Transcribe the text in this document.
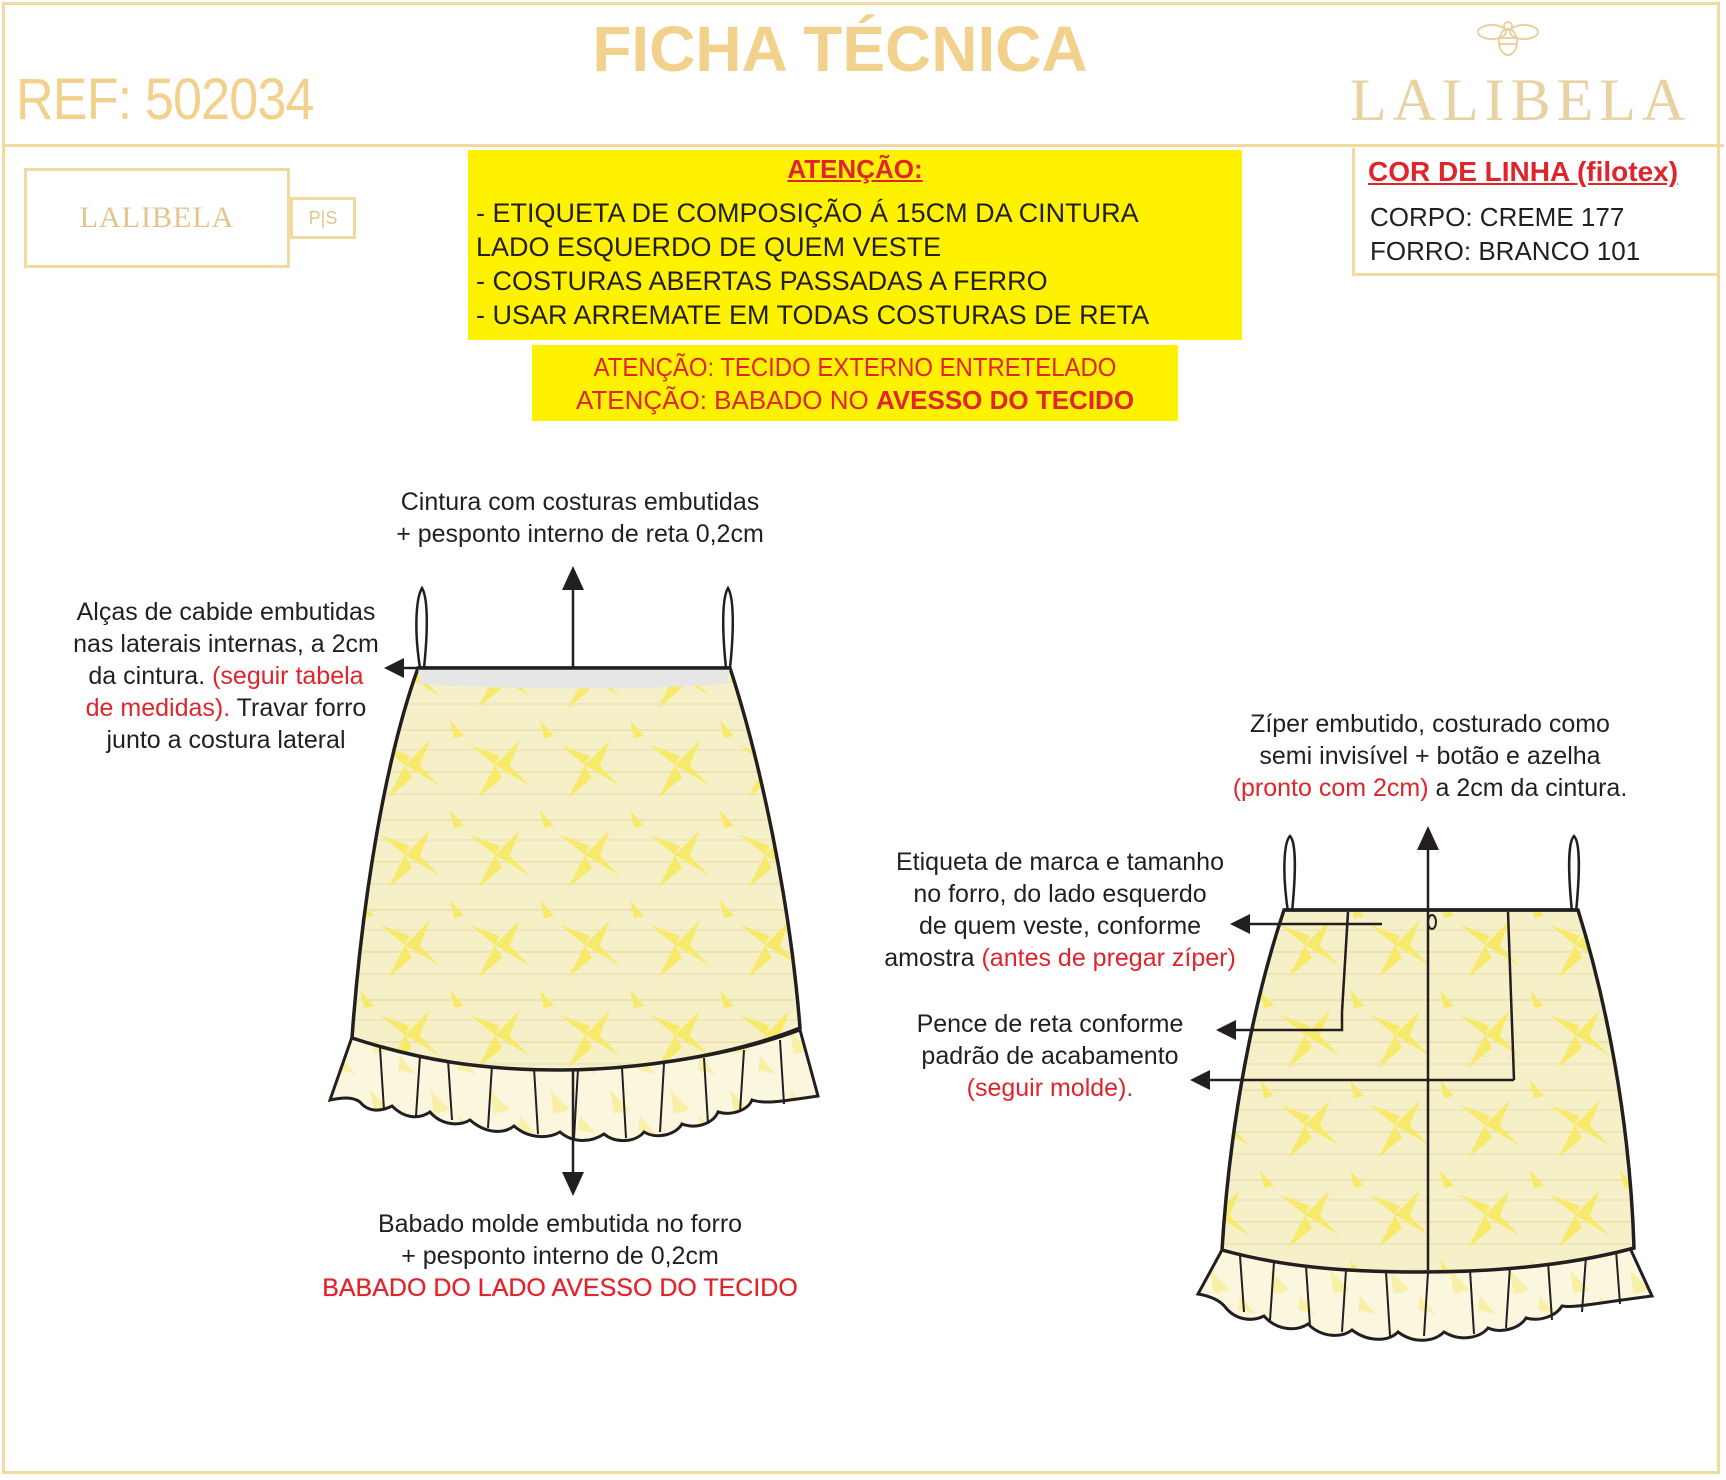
REF: 502034
FICHA TÉCNICA
LALIBELA
LALIBELA	P|S
ATENÇÃO:
- ETIQUETA DE COMPOSIÇÃO Á 15CM DA CINTURA
LADO ESQUERDO DE QUEM VESTE
- COSTURAS ABERTAS PASSADAS A FERRO
- USAR ARREMATE EM TODAS COSTURAS DE RETA
ATENÇÃO: TECIDO EXTERNO ENTRETELADO
ATENÇÃO: BABADO NO AVESSO DO TECIDO
COR DE LINHA (filotex)
CORPO: CREME 177
FORRO: BRANCO 101
Cintura com costuras embutidas
+ pesponto interno de reta 0,2cm
Alças de cabide embutidas
nas laterais internas, a 2cm
da cintura. (seguir tabela
de medidas). Travar forro
junto a costura lateral
Babado molde embutida no forro
+ pesponto interno de 0,2cm
BABADO DO LADO AVESSO DO TECIDO
Zíper embutido, costurado como
semi invisível + botão e azelha
(pronto com 2cm) a 2cm da cintura.
Etiqueta de marca e tamanho
no forro, do lado esquerdo
de quem veste, conforme
amostra (antes de pregar zíper)
Pence de reta conforme
padrão de acabamento
(seguir molde).
